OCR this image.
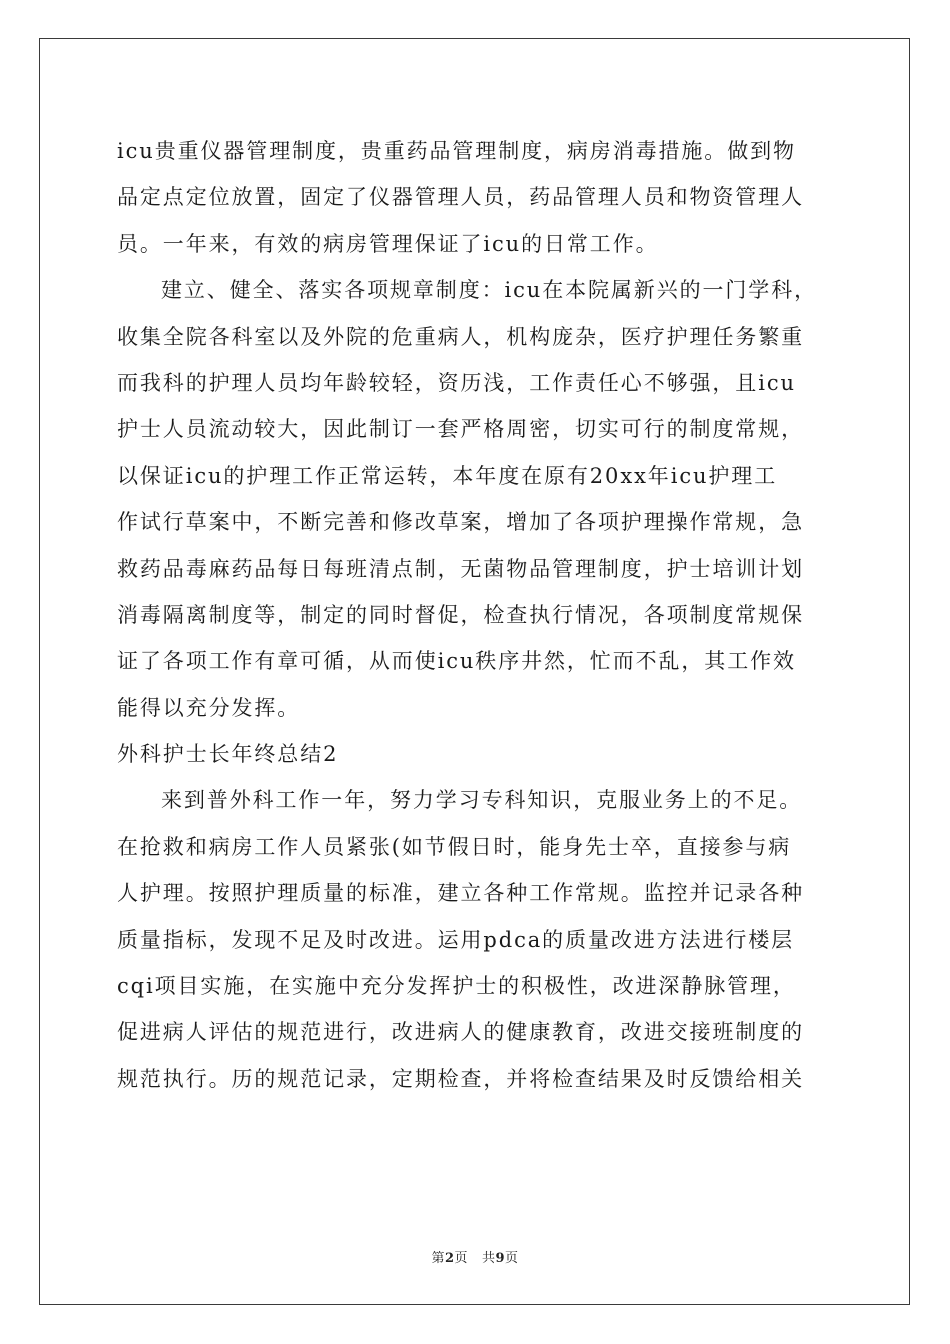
icu贵重仪器管理制度，贵重药品管理制度，病房消毒措施。做到物
品定点定位放置，固定了仪器管理人员，药品管理人员和物资管理人
员。一年来，有效的病房管理保证了icu的日常工作。
建立、健全、落实各项规章制度：icu在本院属新兴的一门学科，
收集全院各科室以及外院的危重病人，机构庞杂，医疗护理任务繁重
而我科的护理人员均年龄较轻，资历浅，工作责任心不够强，且icu
护士人员流动较大，因此制订一套严格周密，切实可行的制度常规，
以保证icu的护理工作正常运转，本年度在原有20xx年icu护理工
作试行草案中，不断完善和修改草案，增加了各项护理操作常规，急
救药品毒麻药品每日每班清点制，无菌物品管理制度，护士培训计划
消毒隔离制度等，制定的同时督促，检查执行情况，各项制度常规保
证了各项工作有章可循，从而使icu秩序井然，忙而不乱，其工作效
能得以充分发挥。
外科护士长年终总结2
来到普外科工作一年，努力学习专科知识，克服业务上的不足。
在抢救和病房工作人员紧张(如节假日时，能身先士卒，直接参与病
人护理。按照护理质量的标准，建立各种工作常规。监控并记录各种
质量指标，发现不足及时改进。运用pdca的质量改进方法进行楼层
cqi项目实施，在实施中充分发挥护士的积极性，改进深静脉管理，
促进病人评估的规范进行，改进病人的健康教育，改进交接班制度的
规范执行。历的规范记录，定期检查，并将检查结果及时反馈给相关
第2页 共9页
